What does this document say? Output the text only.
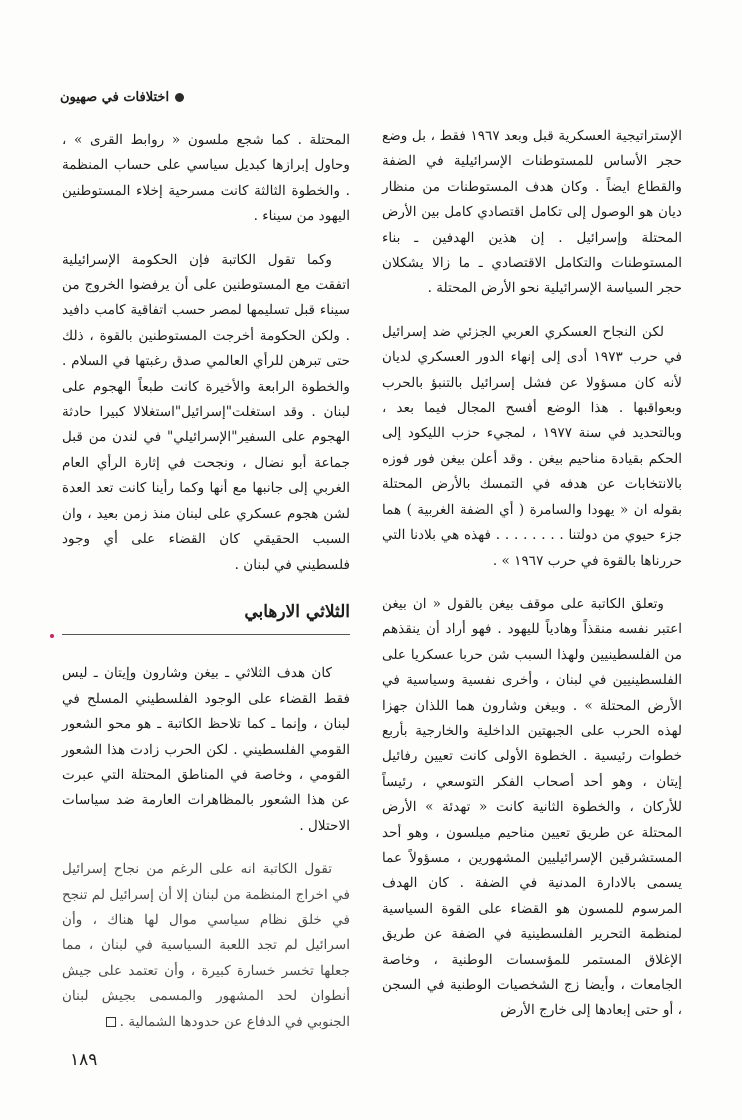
اختلافات في صهيون

الإستراتيجية العسكرية قبل وبعد ١٩٦٧ فقط ، بل وضع حجر الأساس للمستوطنات الإسرائيلية في الضفة والقطاع ايضاً . وكان هدف المستوطنات من منظار ديان هو الوصول إلى تكامل اقتصادي كامل بين الأرض المحتلة وإسرائيل . إن هذين الهدفين ـ بناء المستوطنات والتكامل الاقتصادي ـ ما زالا يشكلان حجر السياسة الإسرائيلية نحو الأرض المحتلة .

لكن النجاح العسكري العربي الجزئي ضد إسرائيل في حرب ١٩٧٣ أدى إلى إنهاء الدور العسكري لديان لأنه كان مسؤولا عن فشل إسرائيل بالتنبؤ بالحرب وبعواقبها . هذا الوضع أفسح المجال فيما بعد ، وبالتحديد في سنة ١٩٧٧ ، لمجيء حزب الليكود إلى الحكم بقيادة مناحيم بيغن . وقد أعلن بيغن فور فوزه بالانتخابات عن هدفه في التمسك بالأرض المحتلة بقوله ان « يهودا والسامرة ( أي الضفة الغربية ) هما جزء حيوي من دولتنا . . . . . . . . فهذه هي بلادنا التي حررناها بالقوة في حرب ١٩٦٧ » .

وتعلق الكاتبة على موقف بيغن بالقول « ان بيغن اعتبر نفسه منقذاً وهادياً لليهود . فهو أراد أن ينقذهم من الفلسطينيين ولهذا السبب شن حربا عسكريا على الفلسطينيين في لبنان ، وأخرى نفسية وسياسية في الأرض المحتلة » . وبيغن وشارون هما اللذان جهزا لهذه الحرب على الجبهتين الداخلية والخارجية بأربع خطوات رئيسية . الخطوة الأولى كانت تعيين رفائيل إيتان ، وهو أحد أصحاب الفكر التوسعي ، رئيساً للأركان ، والخطوة الثانية كانت « تهدئة » الأرض المحتلة عن طريق تعيين مناحيم ميلسون ، وهو أحد المستشرقين الإسرائيليين المشهورين ، مسؤولاً عما يسمى بالادارة المدنية في الضفة . كان الهدف المرسوم للمسون هو القضاء على القوة السياسية لمنظمة التحرير الفلسطينية في الضفة عن طريق الإغلاق المستمر للمؤسسات الوطنية ، وخاصة الجامعات ، وأيضا زج الشخصيات الوطنية في السجن ، أو حتى إبعادها إلى خارج الأرض

المحتلة . كما شجع ملسون « روابط القرى » ، وحاول إبرازها كبديل سياسي على حساب المنظمة . والخطوة الثالثة كانت مسرحية إخلاء المستوطنين اليهود من سيناء .

وكما تقول الكاتبة فإن الحكومة الإسرائيلية اتفقت مع المستوطنين على أن يرفضوا الخروج من سيناء قبل تسليمها لمصر حسب اتفاقية كامب دافيد . ولكن الحكومة أخرجت المستوطنين بالقوة ، ذلك حتى تبرهن للرأي العالمي صدق رغبتها في السلام . والخطوة الرابعة والأخيرة كانت طبعاً الهجوم على لبنان . وقد استغلت"إسرائيل"استغلالا كبيرا حادثة الهجوم على السفير"الإسرائيلي" في لندن من قبل جماعة أبو نضال ، ونجحت في إثارة الرأي العام الغربي إلى جانبها مع أنها وكما رأينا كانت تعد العدة لشن هجوم عسكري على لبنان منذ زمن بعيد ، وان السبب الحقيقي كان القضاء على أي وجود فلسطيني في لبنان .

الثلاثي الارهابي

كان هدف الثلاثي ـ بيغن وشارون وإيتان ـ ليس فقط القضاء على الوجود الفلسطيني المسلح في لبنان ، وإنما ـ كما تلاحظ الكاتبة ـ هو محو الشعور القومي الفلسطيني . لكن الحرب زادت هذا الشعور القومي ، وخاصة في المناطق المحتلة التي عبرت عن هذا الشعور بالمظاهرات العارمة ضد سياسات الاحتلال .

تقول الكاتبة انه على الرغم من نجاح إسرائيل في اخراج المنظمة من لبنان إلا أن إسرائيل لم تنجح في خلق نظام سياسي موال لها هناك ، وأن اسرائيل لم تجد اللعبة السياسية في لبنان ، مما جعلها تخسر خسارة كبيرة ، وأن تعتمد على جيش أنطوان لحد المشهور والمسمى بجيش لبنان الجنوبي في الدفاع عن حدودها الشمالية .

١٨٩
